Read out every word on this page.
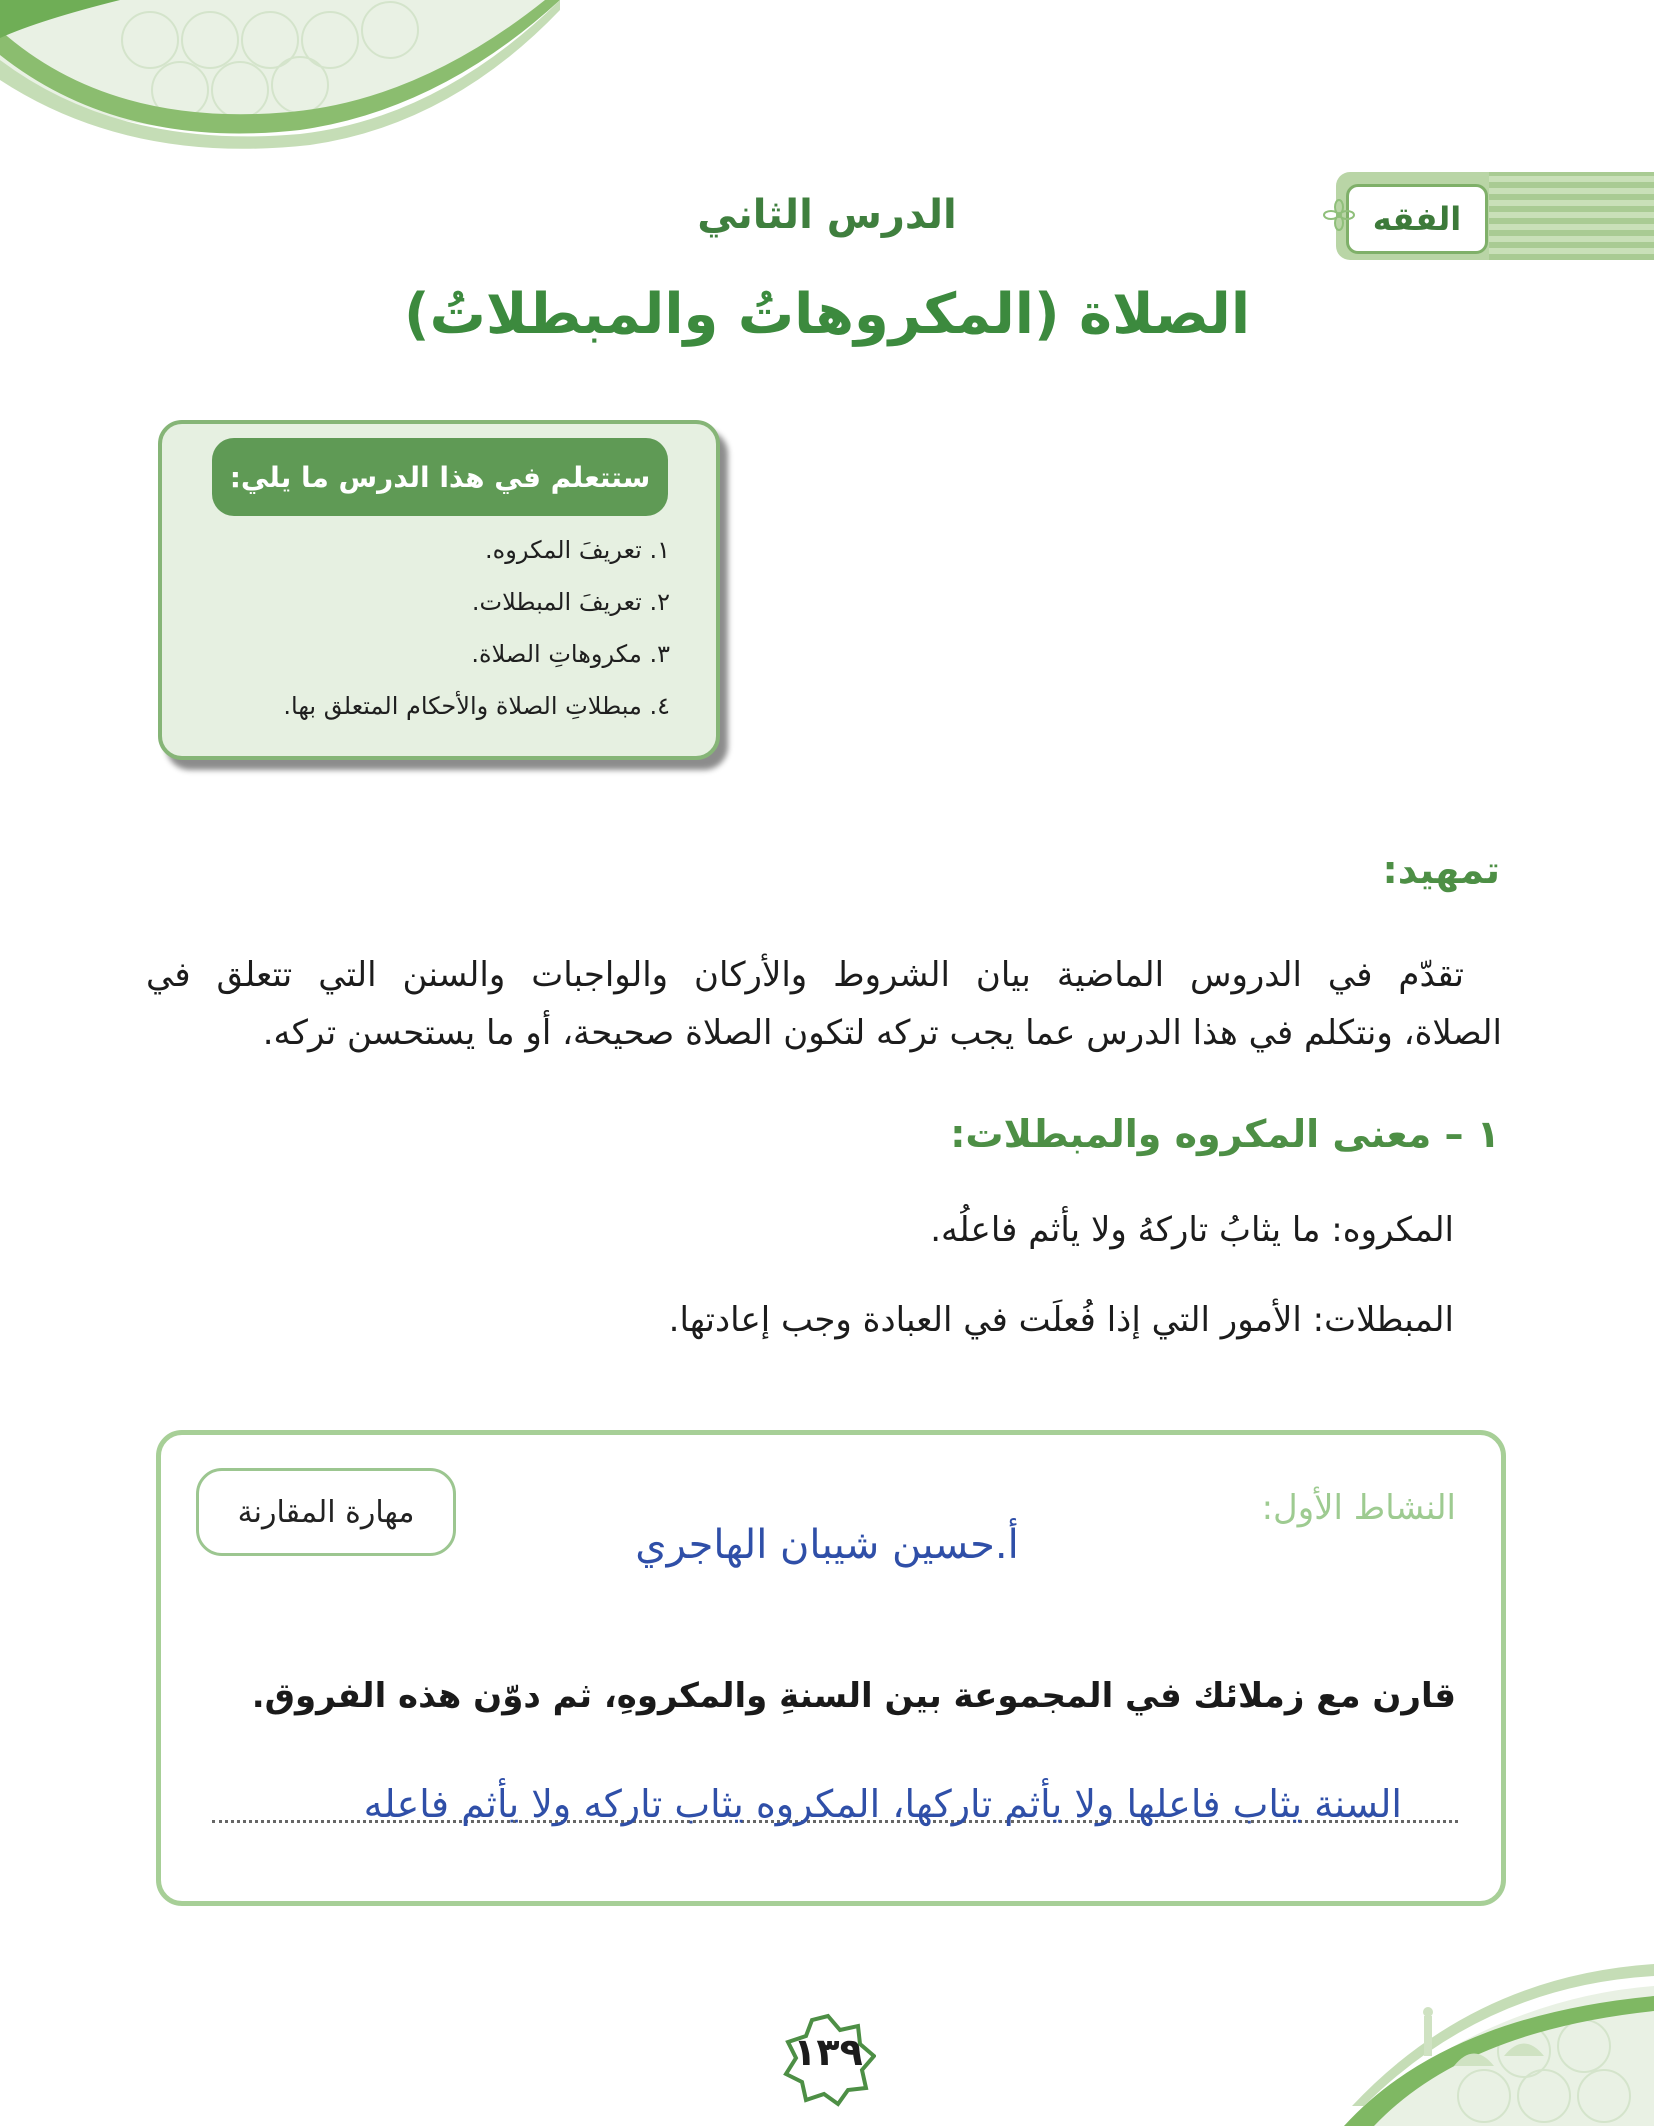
الفقه
الدرس الثاني
الصلاة (المكروهاتُ والمبطلاتُ)
ستتعلم في هذا الدرس ما يلي:
١. تعريفَ المكروه.
٢. تعريفَ المبطلات.
٣. مكروهاتِ الصلاة.
٤. مبطلاتِ الصلاة والأحكام المتعلق بها.
تمهيد:

تقدّم في الدروس الماضية بيان الشروط والأركان والواجبات والسنن التي تتعلق في

الصلاة، ونتكلم في هذا الدرس عما يجب تركه لتكون الصلاة صحيحة، أو ما يستحسن تركه.

١ – معنى المكروه والمبطلات:
المكروه: ما يثابُ تاركهُ ولا يأثم فاعلُه.
المبطلات: الأمور التي إذا فُعلَت في العبادة وجب إعادتها.
النشاط الأول:
مهارة المقارنة
أ.حسين شيبان الهاجري
قارن مع زملائك في المجموعة بين السنةِ والمكروهِ، ثم دوّن هذه الفروق.
السنة يثاب فاعلها ولا يأثم تاركها، المكروه يثاب تاركه ولا يأثم فاعله
١٣٩
